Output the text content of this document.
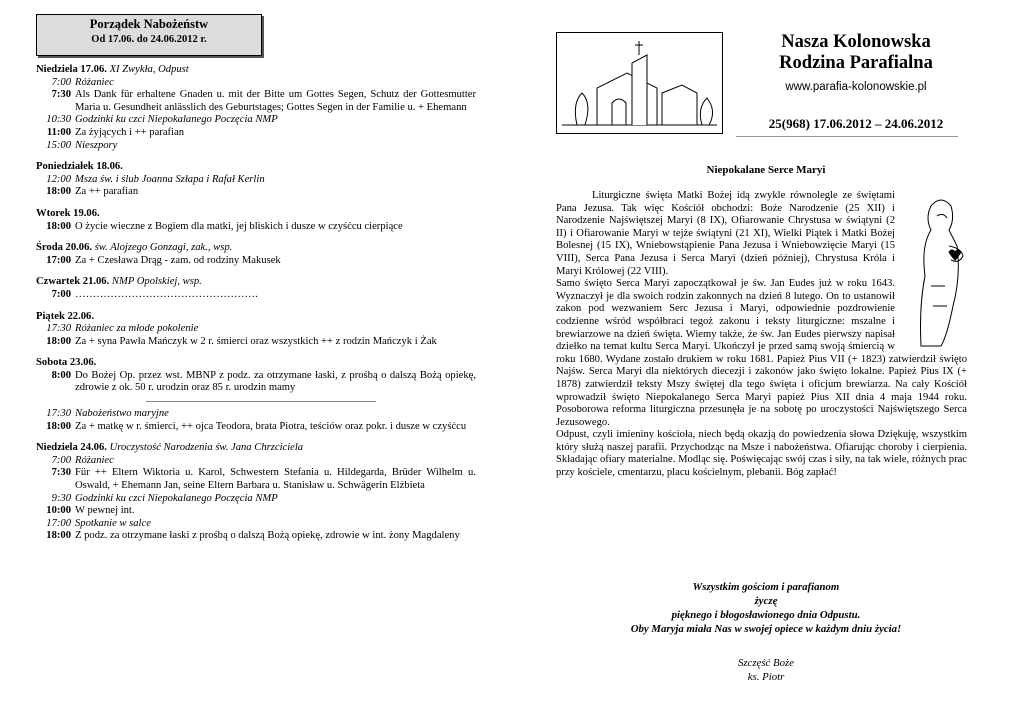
Porządek Nabożeństw
Od 17.06. do 24.06.2012 r.
Niedziela 17.06. XI Zwykła, Odpust
7:00 Różaniec
7:30 Als Dank für erhaltene Gnaden u. mit der Bitte um Gottes Segen, Schutz der Gottesmutter Maria u. Gesundheit anlässlich des Geburtstages; Gottes Segen in der Familie u. + Ehemann
10:30 Godzinki ku czci Niepokalanego Poczęcia NMP
11:00 Za żyjących i ++ parafian
15:00 Nieszpory
Poniedziałek 18.06.
12:00 Msza św. i ślub Joanna Szłapa i Rafał Kerlin
18:00 Za ++ parafian
Wtorek 19.06.
18:00 O życie wieczne z Bogiem dla matki, jej bliskich i dusze w czyśćcu cierpiące
Środa 20.06. św. Alojzego Gonzagi, zak., wsp.
17:00 Za + Czesława Drąg - zam. od rodziny Makusek
Czwartek 21.06. NMP Opolskiej, wsp.
7:00 …………………………………………….
Piątek 22.06.
17:30 Różaniec za młode pokolenie
18:00 Za + syna Pawła Mańczyk w 2 r. śmierci oraz wszystkich ++ z rodzin Mańczyk i Żak
Sobota 23.06.
8:00 Do Bożej Op. przez wst. MBNP z podz. za otrzymane łaski, z prośbą o dalszą Bożą opiekę, zdrowie z ok. 50 r. urodzin oraz 85 r. urodzin mamy
17:30 Nabożeństwo maryjne
18:00 Za + matkę w r. śmierci, ++ ojca Teodora, brata Piotra, teściów oraz pokr. i dusze w czyśćcu
Niedziela 24.06. Uroczystość Narodzenia św. Jana Chrzciciela
7:00 Różaniec
7:30 Für ++ Eltern Wiktoria u. Karol, Schwestern Stefania u. Hildegarda, Brüder Wilhelm u. Oswald, + Ehemann Jan, seine Eltern Barbara u. Stanisław u. Schwägerin Elżbieta
9:30 Godzinki ku czci Niepokalanego Poczęcia NMP
10:00 W pewnej int.
17:00 Spotkanie w salce
18:00 Z podz. za otrzymane łaski z prośbą o dalszą Bożą opiekę, zdrowie w int. żony Magdaleny
Nasza Kolonowska
Rodzina Parafialna
www.parafia-kolonowskie.pl
25(968) 17.06.2012 – 24.06.2012
Niepokalane Serce Maryi

Liturgiczne święta Matki Bożej idą zwykle równolegle ze świętami Pana Jezusa. Tak więc Kościół obchodzi: Boże Narodzenie (25 XII) i Narodzenie Najświętszej Maryi (8 IX), Ofiarowanie Chrystusa w świątyni (2 II) i Ofiarowanie Maryi w tejże świątyni (21 XI), Wielki Piątek i Matki Bożej Bolesnej (15 IX), Wniebowstąpienie Pana Jezusa i Wniebowzięcie Maryi (15 VIII), Serca Pana Jezusa i Serca Maryi (dzień później), Chrystusa Króla i Maryi Królowej (22 VIII).

Samo święto Serca Maryi zapoczątkował je św. Jan Eudes już w roku 1643. Wyznaczył je dla swoich rodzin zakonnych na dzień 8 lutego. On to ustanowił zakon pod wezwaniem Serc Jezusa i Maryi, odpowiednie pozdrowienie codzienne wśród współbraci tegoż zakonu i teksty liturgiczne: mszalne i brewiarzowe na dzień święta. Wiemy także, że św. Jan Eudes pierwszy napisał dziełko na temat kultu Serca Maryi. Ukończył je przed samą swoją śmiercią w roku 1680. Wydane zostało drukiem w roku 1681. Papież Pius VII (+ 1823) zatwierdził święto Najśw. Serca Maryi dla niektórych diecezji i zakonów jako święto lokalne. Papież Pius IX (+ 1878) zatwierdził teksty Mszy świętej dla tego święta i oficjum brewiarza. Na cały Kościół wprowadził święto Niepokalanego Serca Maryi papież Pius XII dnia 4 maja 1944 roku. Posoborowa reforma liturgiczna przesunęła je na sobotę po uroczystości Najświętszego Serca Jezusowego.

Odpust, czyli imieniny kościoła, niech będą okazją do powiedzenia słowa Dziękuję, wszystkim który służą naszej parafii. Przychodząc na Msze i nabożeństwa. Ofiarując choroby i cierpienia. Składając ofiary materialne. Modląc się. Poświęcając swój czas i siły, na tak wiele, różnych prac przy kościele, cmentarzu, placu kościelnym, plebanii. Bóg zapłać!

Wszystkim gościom i parafianom
życzę
pięknego i błogosławionego dnia Odpustu.
Oby Maryja miała Nas w swojej opiece w każdym dniu życia!
Szczęść Boże
ks. Piotr
